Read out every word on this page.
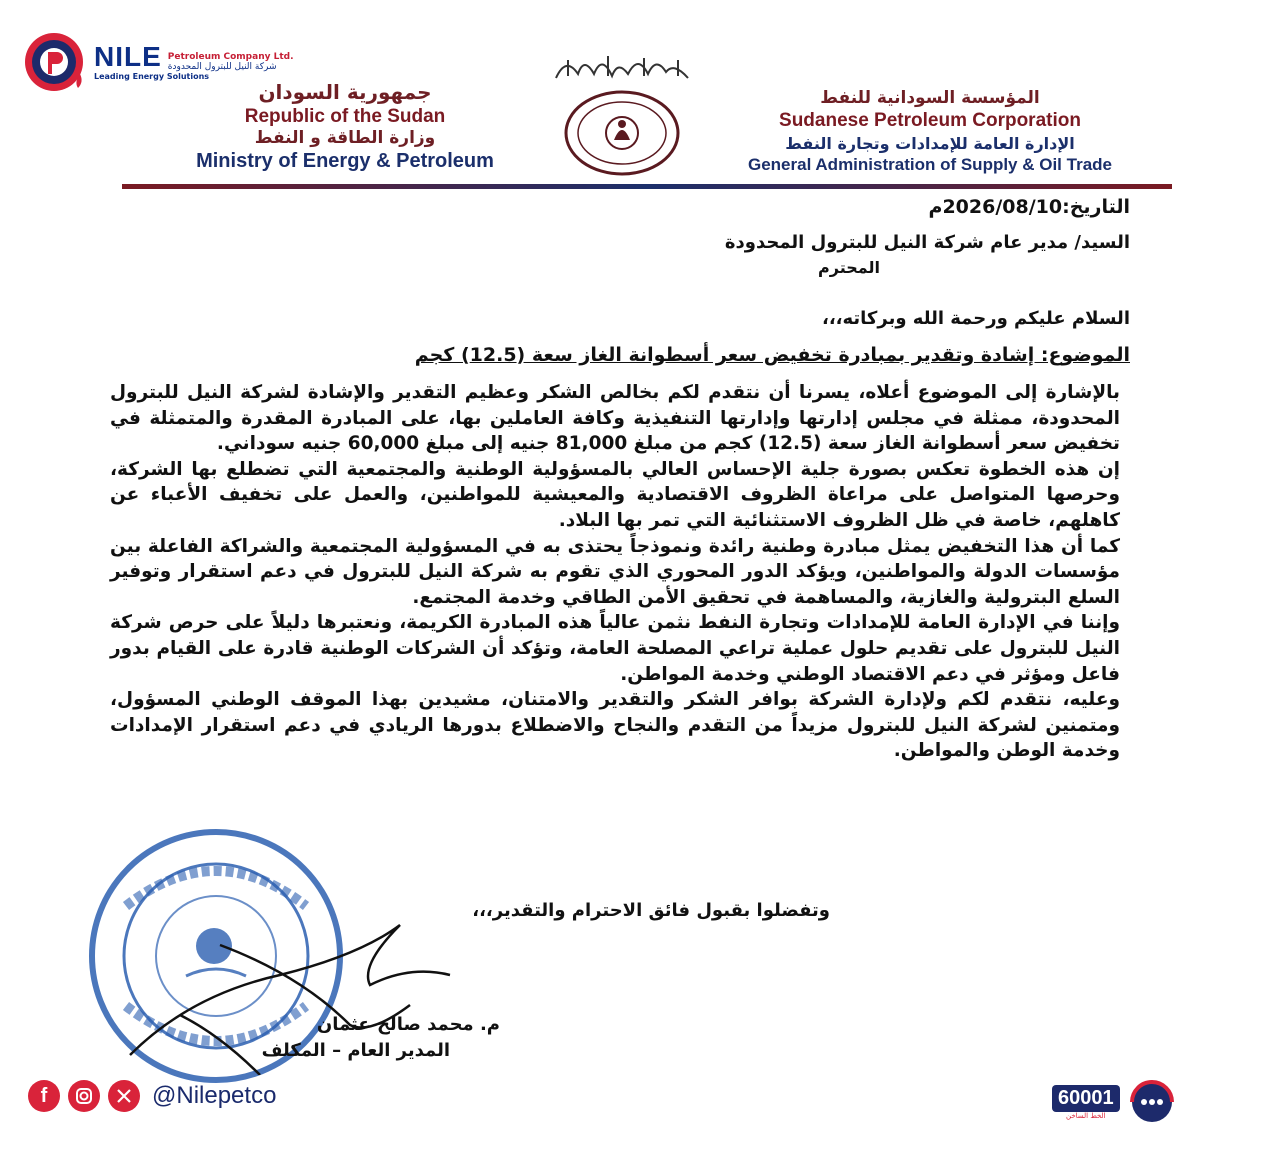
NILE Petroleum Company Ltd.
شركة النيل للبترول المحدودة
Leading Energy Solutions
جمهورية السودان
Republic of the Sudan
وزارة الطاقة و النفط
Ministry of Energy & Petroleum
المؤسسة السودانية للنفط
Sudanese Petroleum Corporation
الإدارة العامة للإمدادات وتجارة النفط
General Administration of Supply & Oil Trade
التاريخ:2026/08/10م
السيد/ مدير عام شركة النيل للبترول المحدودة
المحترم
السلام عليكم ورحمة الله وبركاته،،،
الموضوع: إشادة وتقدير بمبادرة تخفيض سعر أسطوانة الغاز سعة (12.5) كجم

بالإشارة إلى الموضوع أعلاه، يسرنا أن نتقدم لكم بخالص الشكر وعظيم التقدير والإشادة لشركة النيل للبترول المحدودة، ممثلة في مجلس إدارتها وإدارتها التنفيذية وكافة العاملين بها، على المبادرة المقدرة والمتمثلة في تخفيض سعر أسطوانة الغاز سعة (12.5) كجم من مبلغ 81,000 جنيه إلى مبلغ 60,000 جنيه سوداني.

إن هذه الخطوة تعكس بصورة جلية الإحساس العالي بالمسؤولية الوطنية والمجتمعية التي تضطلع بها الشركة، وحرصها المتواصل على مراعاة الظروف الاقتصادية والمعيشية للمواطنين، والعمل على تخفيف الأعباء عن كاهلهم، خاصة في ظل الظروف الاستثنائية التي تمر بها البلاد.

كما أن هذا التخفيض يمثل مبادرة وطنية رائدة ونموذجاً يحتذى به في المسؤولية المجتمعية والشراكة الفاعلة بين مؤسسات الدولة والمواطنين، ويؤكد الدور المحوري الذي تقوم به شركة النيل للبترول في دعم استقرار وتوفير السلع البترولية والغازية، والمساهمة في تحقيق الأمن الطاقي وخدمة المجتمع.

وإننا في الإدارة العامة للإمدادات وتجارة النفط نثمن عالياً هذه المبادرة الكريمة، ونعتبرها دليلاً على حرص شركة النيل للبترول على تقديم حلول عملية تراعي المصلحة العامة، وتؤكد أن الشركات الوطنية قادرة على القيام بدور فاعل ومؤثر في دعم الاقتصاد الوطني وخدمة المواطن.

وعليه، نتقدم لكم ولإدارة الشركة بوافر الشكر والتقدير والامتنان، مشيدين بهذا الموقف الوطني المسؤول، ومتمنين لشركة النيل للبترول مزيداً من التقدم والنجاح والاضطلاع بدورها الريادي في دعم استقرار الإمدادات وخدمة الوطن والمواطن.

وتفضلوا بقبول فائق الاحترام والتقدير،،،
م. محمد صالح عثمان
المدير العام – المكلف
f	@Nilepetco	60001
الخط الساخن
